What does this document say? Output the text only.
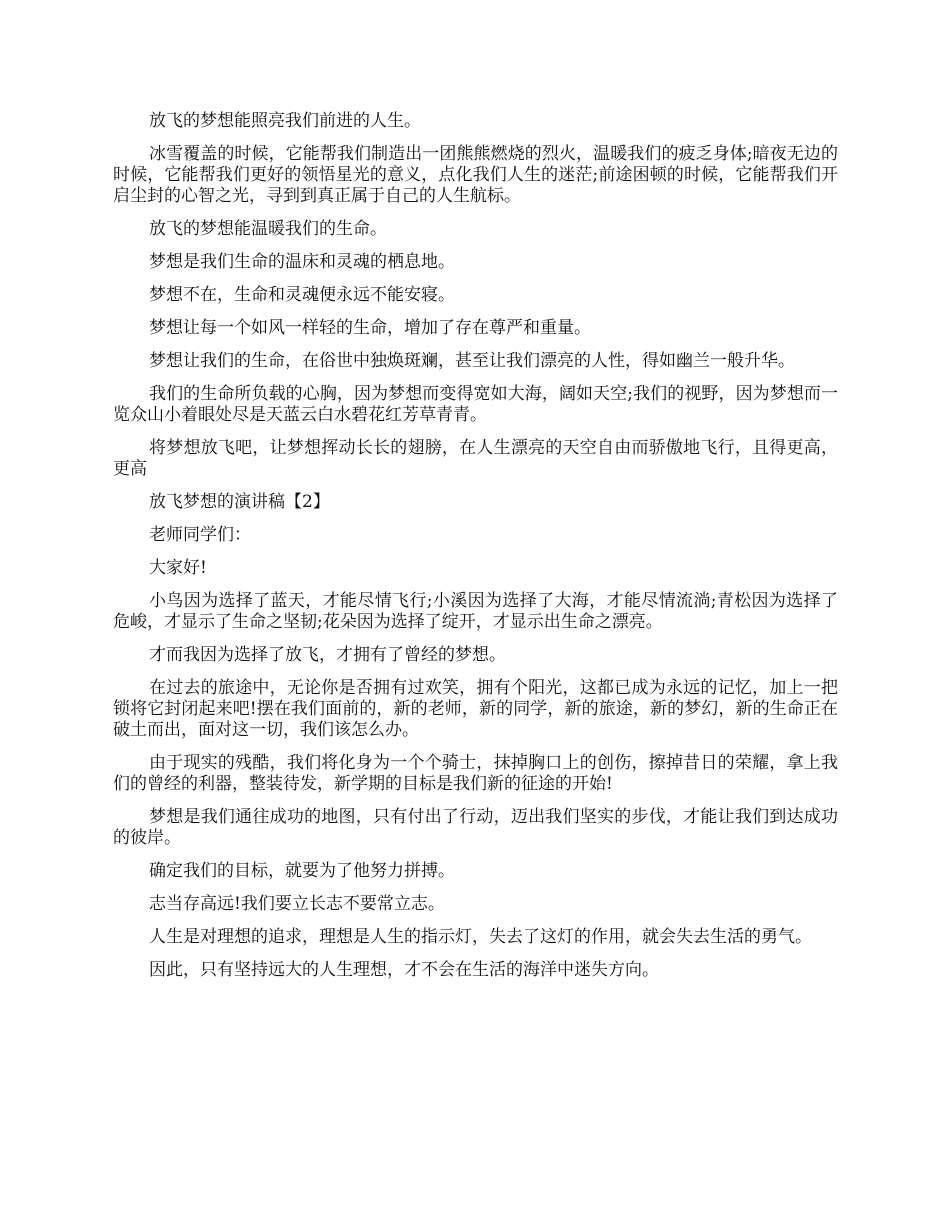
放飞的梦想能照亮我们前进的人生。

冰雪覆盖的时候，它能帮我们制造出一团熊熊燃烧的烈火，温暖我们的疲乏身体;暗夜无边的时候，它能帮我们更好的领悟星光的意义，点化我们人生的迷茫;前途困顿的时候，它能帮我们开启尘封的心智之光，寻到到真正属于自己的人生航标。

放飞的梦想能温暖我们的生命。

梦想是我们生命的温床和灵魂的栖息地。

梦想不在，生命和灵魂便永远不能安寝。

梦想让每一个如风一样轻的生命，增加了存在尊严和重量。

梦想让我们的生命，在俗世中独焕斑斓，甚至让我们漂亮的人性，得如幽兰一般升华。

我们的生命所负载的心胸，因为梦想而变得宽如大海，阔如天空;我们的视野，因为梦想而一览众山小着眼处尽是天蓝云白水碧花红芳草青青。

将梦想放飞吧，让梦想挥动长长的翅膀，在人生漂亮的天空自由而骄傲地飞行，且得更高，更高

放飞梦想的演讲稿【2】

老师同学们：

大家好!

小鸟因为选择了蓝天，才能尽情飞行;小溪因为选择了大海，才能尽情流淌;青松因为选择了危峻，才显示了生命之坚韧;花朵因为选择了绽开，才显示出生命之漂亮。

才而我因为选择了放飞，才拥有了曾经的梦想。

在过去的旅途中，无论你是否拥有过欢笑，拥有个阳光，这都已成为永远的记忆，加上一把锁将它封闭起来吧!摆在我们面前的，新的老师，新的同学，新的旅途，新的梦幻，新的生命正在破土而出，面对这一切，我们该怎么办。

由于现实的残酷，我们将化身为一个个骑士，抹掉胸口上的创伤，擦掉昔日的荣耀，拿上我们的曾经的利器，整装待发，新学期的目标是我们新的征途的开始!

梦想是我们通往成功的地图，只有付出了行动，迈出我们坚实的步伐，才能让我们到达成功的彼岸。

确定我们的目标，就要为了他努力拼搏。

志当存高远!我们要立长志不要常立志。

人生是对理想的追求，理想是人生的指示灯，失去了这灯的作用，就会失去生活的勇气。

因此，只有坚持远大的人生理想，才不会在生活的海洋中迷失方向。
